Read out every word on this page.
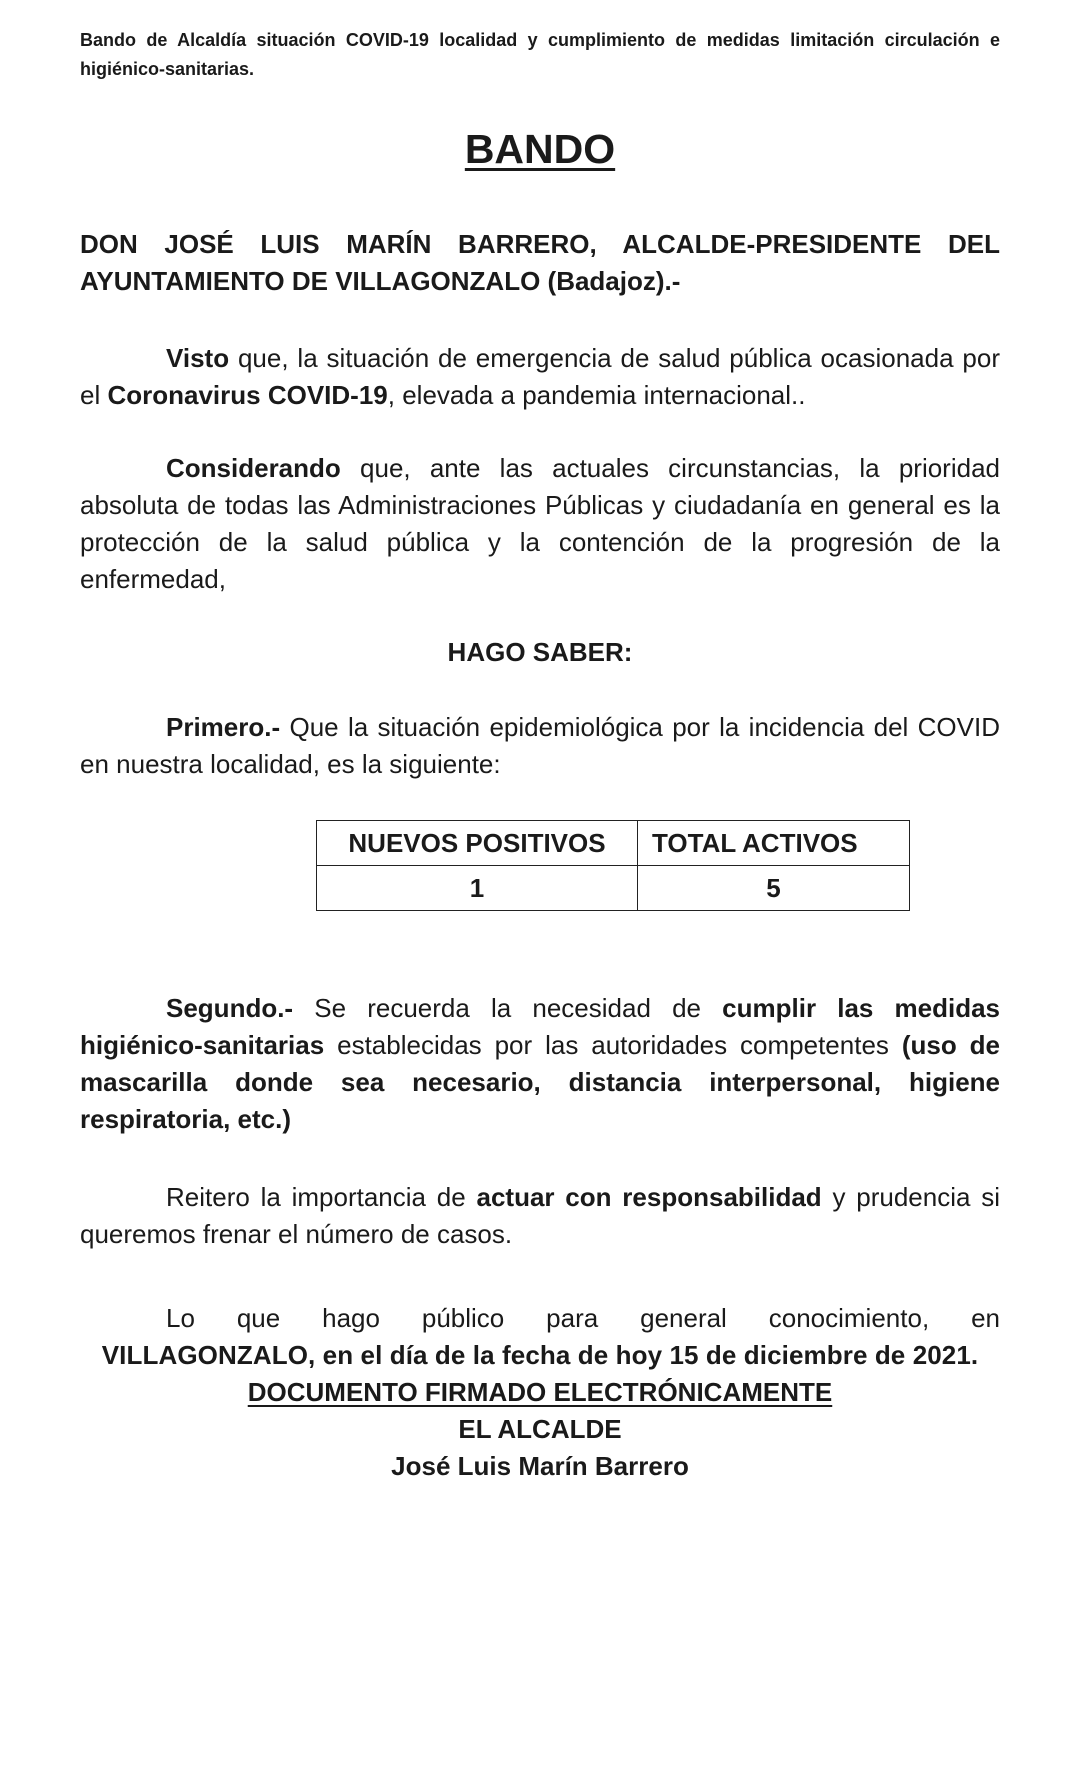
Bando de Alcaldía situación COVID-19 localidad y cumplimiento de medidas limitación circulación e higiénico-sanitarias.
BANDO
DON JOSÉ LUIS MARÍN BARRERO, ALCALDE-PRESIDENTE DEL AYUNTAMIENTO DE VILLAGONZALO (Badajoz).-
Visto que, la situación de emergencia de salud pública ocasionada por el Coronavirus COVID-19, elevada a pandemia internacional..
Considerando que, ante las actuales circunstancias, la prioridad absoluta de todas las Administraciones Públicas y ciudadanía en general es la protección de la salud pública y la contención de la progresión de la enfermedad,
HAGO SABER:
Primero.- Que la situación epidemiológica por la incidencia del COVID en nuestra localidad, es la siguiente:
NUEVOS POSITIVOS	TOTAL ACTIVOS
1	5
Segundo.- Se recuerda la necesidad de cumplir las medidas higiénico-sanitarias establecidas por las autoridades competentes (uso de mascarilla donde sea necesario, distancia interpersonal, higiene respiratoria, etc.)
Reitero la importancia de actuar con responsabilidad y prudencia si queremos frenar el número de casos.
Lo que hago público para general conocimiento, en
VILLAGONZALO, en el día de la fecha de hoy 15 de diciembre de 2021.
DOCUMENTO FIRMADO ELECTRÓNICAMENTE
EL ALCALDE
José Luis Marín Barrero
